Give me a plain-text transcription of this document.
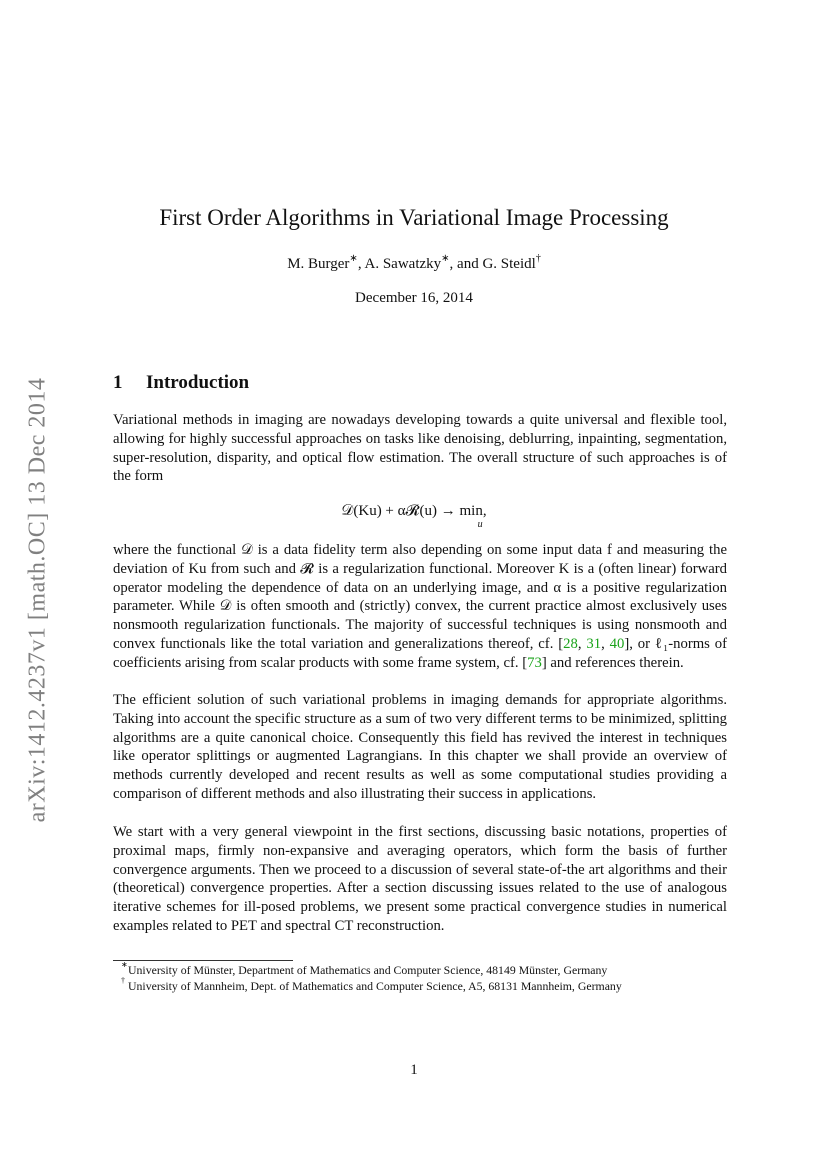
arXiv:1412.4237v1 [math.OC] 13 Dec 2014
First Order Algorithms in Variational Image Processing
M. Burger∗, A. Sawatzky∗, and G. Steidl†
December 16, 2014
1 Introduction
Variational methods in imaging are nowadays developing towards a quite universal and flexible tool, allowing for highly successful approaches on tasks like denoising, deblurring, inpainting, segmentation, super-resolution, disparity, and optical flow estimation. The overall structure of such approaches is of the form
𝒟(Ku) + α𝓡(u) → min,
u
where the functional 𝒟 is a data fidelity term also depending on some input data f and measuring the deviation of Ku from such and 𝓡 is a regularization functional. Moreover K is a (often linear) forward operator modeling the dependence of data on an underlying image, and α is a positive regularization parameter. While 𝒟 is often smooth and (strictly) convex, the current practice almost exclusively uses nonsmooth regularization functionals. The majority of successful techniques is using nonsmooth and convex functionals like the total variation and generalizations thereof, cf. [28, 31, 40], or ℓ₁-norms of coefficients arising from scalar products with some frame system, cf. [73] and references therein.
The efficient solution of such variational problems in imaging demands for appropriate algorithms. Taking into account the specific structure as a sum of two very different terms to be minimized, splitting algorithms are a quite canonical choice. Consequently this field has revived the interest in techniques like operator splittings or augmented Lagrangians. In this chapter we shall provide an overview of methods currently developed and recent results as well as some computational studies providing a comparison of different methods and also illustrating their success in applications.
We start with a very general viewpoint in the first sections, discussing basic notations, properties of proximal maps, firmly non-expansive and averaging operators, which form the basis of further convergence arguments. Then we proceed to a discussion of several state-of-the art algorithms and their (theoretical) convergence properties. After a section discussing issues related to the use of analogous iterative schemes for ill-posed problems, we present some practical convergence studies in numerical examples related to PET and spectral CT reconstruction.
∗ University of Münster, Department of Mathematics and Computer Science, 48149 Münster, Germany
† University of Mannheim, Dept. of Mathematics and Computer Science, A5, 68131 Mannheim, Germany
1
